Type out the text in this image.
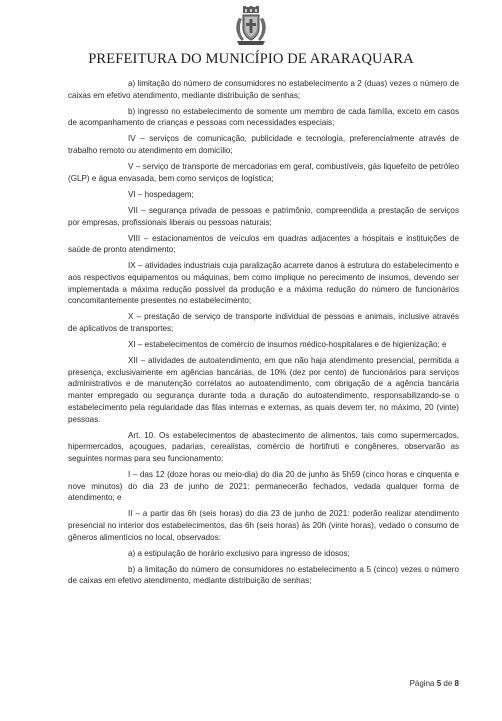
PREFEITURA DO MUNICÍPIO DE ARARAQUARA

a) limitação do número de consumidores no estabelecimento a 2 (duas) vezes o número de caixas em efetivo atendimento, mediante distribuição de senhas;

b) ingresso no estabelecimento de somente um membro de cada família, exceto em casos de acompanhamento de crianças e pessoas com necessidades especiais;

IV – serviços de comunicação, publicidade e tecnologia, preferencialmente através de trabalho remoto ou atendimento em domicílio;

V – serviço de transporte de mercadorias em geral, combustíveis, gás liquefeito de petróleo (GLP) e água envasada, bem como serviços de logística;

VI – hospedagem;

VII – segurança privada de pessoas e patrimônio, compreendida a prestação de serviços por empresas, profissionais liberais ou pessoas naturais;

VIII – estacionamentos de veículos em quadras adjacentes a hospitais e instituições de saúde de pronto atendimento;

IX – atividades industriais cuja paralização acarrete danos à estrutura do estabelecimento e aos respectivos equipamentos ou máquinas, bem como implique no perecimento de insumos, devendo ser implementada a máxima redução possível da produção e a máxima redução do número de funcionários concomitantemente presentes no estabelecimento;

X – prestação de serviço de transporte individual de pessoas e animais, inclusive através de aplicativos de transportes;

XI – estabelecimentos de comércio de insumos médico-hospitalares e de higienização; e

XII – atividades de autoatendimento, em que não haja atendimento presencial, permitida a presença, exclusivamente em agências bancárias, de 10% (dez por cento) de funcionários para serviços administrativos e de manutenção correlatos ao autoatendimento, com obrigação de a agência bancária manter empregado ou segurança durante toda a duração do autoatendimento, responsabilizando-se o estabelecimento pela regularidade das filas internas e externas, as quais devem ter, no máximo, 20 (vinte) pessoas.

Art. 10. Os estabelecimentos de abastecimento de alimentos, tais como supermercados, hipermercados, açougues, padarias, cerealistas, comércio de hortifruti e congêneres, observarão as seguintes normas para seu funcionamento:

I – das 12 (doze horas ou meio-dia) do dia 20 de junho às 5h59 (cinco horas e cinquenta e nove minutos) do dia 23 de junho de 2021: permanecerão fechados, vedada qualquer forma de atendimento; e

II – a partir das 6h (seis horas) do dia 23 de junho de 2021: poderão realizar atendimento presencial no interior dos estabelecimentos, das 6h (seis horas) às 20h (vinte horas), vedado o consumo de gêneros alimentícios no local, observados:

a) a estipulação de horário exclusivo para ingresso de idosos;

b) a limitação do número de consumidores no estabelecimento a 5 (cinco) vezes o número de caixas em efetivo atendimento, mediante distribuição de senhas;

Página 5 de 8
